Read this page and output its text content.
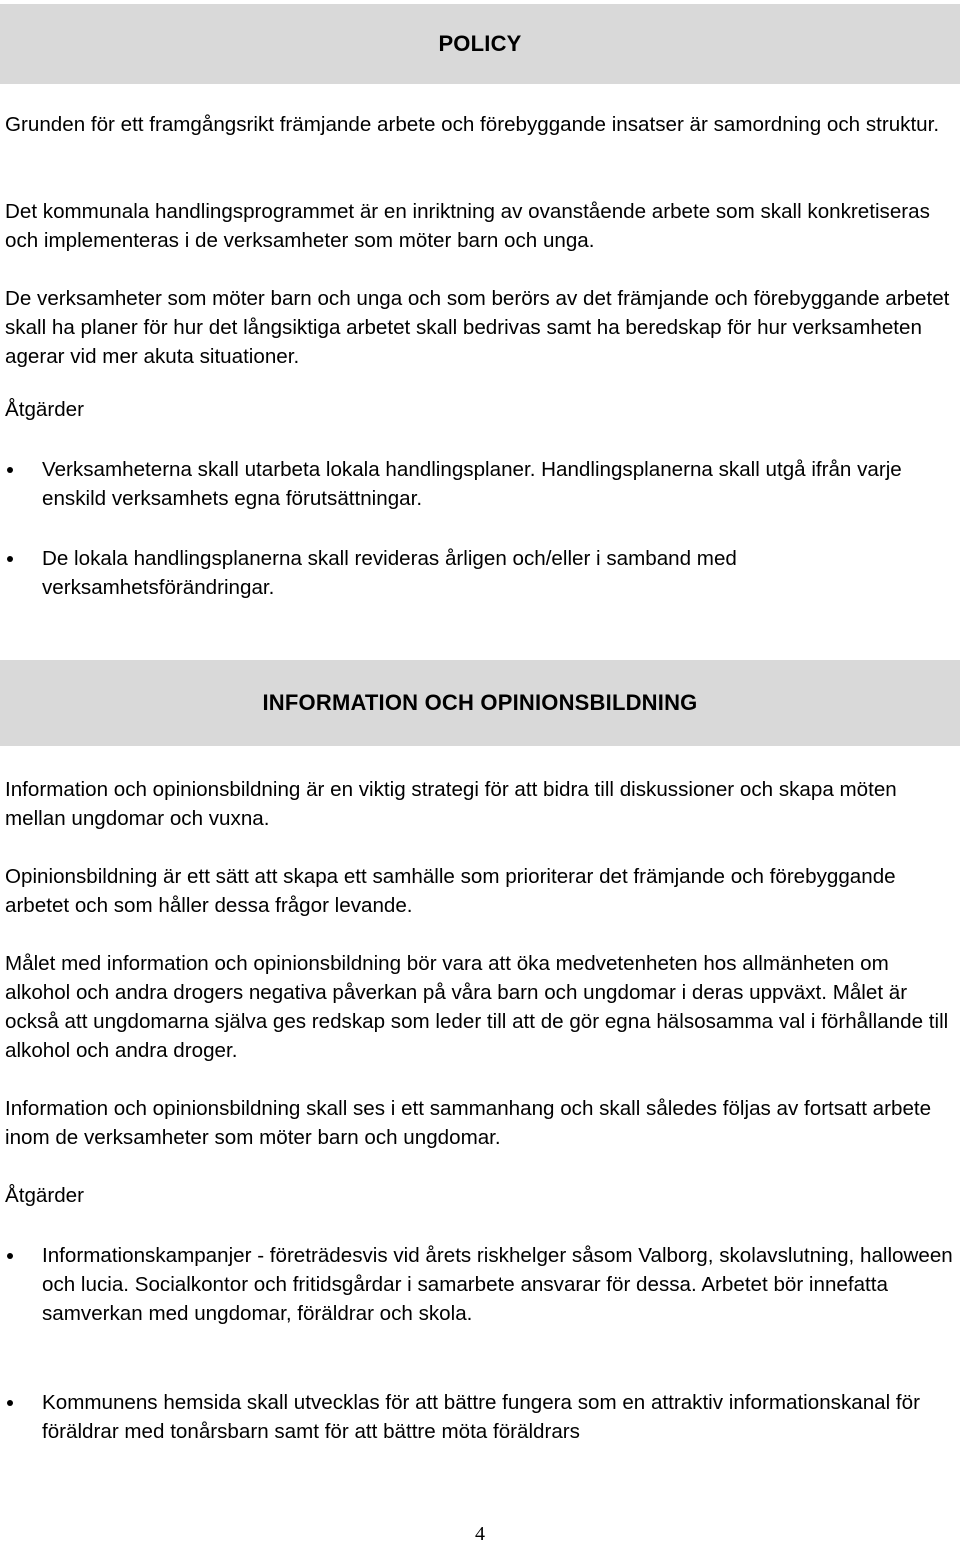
POLICY

Grunden för ett framgångsrikt främjande arbete och förebyggande insatser är samordning och struktur.

Det kommunala handlingsprogrammet är en inriktning av ovanstående arbete som skall konkretiseras och implementeras i de verksamheter som möter barn och unga.

De verksamheter som möter barn och unga och som berörs av det främjande och förebyggande arbetet skall ha planer för hur det långsiktiga arbetet skall bedrivas samt ha beredskap för hur verksamheten agerar vid mer akuta situationer.

Åtgärder

Verksamheterna skall utarbeta lokala handlingsplaner. Handlingsplanerna skall utgå ifrån varje enskild verksamhets egna förutsättningar.

De lokala handlingsplanerna skall revideras årligen och/eller i samband med verksamhetsförändringar.

INFORMATION OCH OPINIONSBILDNING

Information och opinionsbildning är en viktig strategi för att bidra till diskussioner och skapa möten mellan ungdomar och vuxna.

Opinionsbildning är ett sätt att skapa ett samhälle som prioriterar det främjande och förebyggande arbetet och som håller dessa frågor levande.

Målet med information och opinionsbildning bör vara att öka medvetenheten hos allmänheten om alkohol och andra drogers negativa påverkan på våra barn och ungdomar i deras uppväxt. Målet är också att ungdomarna själva ges redskap som leder till att de gör egna hälsosamma val i förhållande till alkohol och andra droger.

Information och opinionsbildning skall ses i ett sammanhang och skall således följas av fortsatt arbete inom de verksamheter som möter barn och ungdomar.

Åtgärder

Informationskampanjer - företrädesvis vid årets riskhelger såsom Valborg, skolavslutning, halloween och lucia. Socialkontor och fritidsgårdar i samarbete ansvarar för dessa. Arbetet bör innefatta samverkan med ungdomar, föräldrar och skola.

Kommunens hemsida skall utvecklas för att bättre fungera som en attraktiv informationskanal för föräldrar med tonårsbarn samt för att bättre möta föräldrars

4
